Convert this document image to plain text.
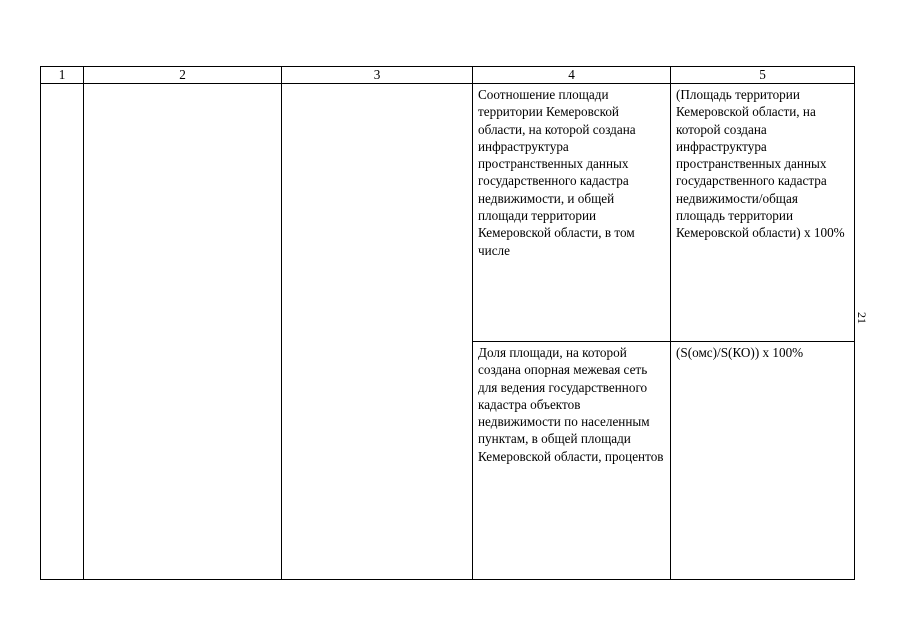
1	2	3	4	5
			Соотношение площади территории Кемеровской области, на которой создана инфраструктура пространственных данных государственного кадастра недвижимости, и общей площади территории Кемеровской области, в том числе	(Площадь территории Кемеровской области, на которой создана инфраструктура пространственных данных государственного кадастра недвижимости/общая площадь территории Кемеровской области) х 100%
			Доля площади, на которой создана опорная межевая сеть для ведения государственного кадастра объектов недвижимости по населенным пунктам, в общей площади Кемеровской области, процентов	(S(омс)/S(КО)) х 100%
21
